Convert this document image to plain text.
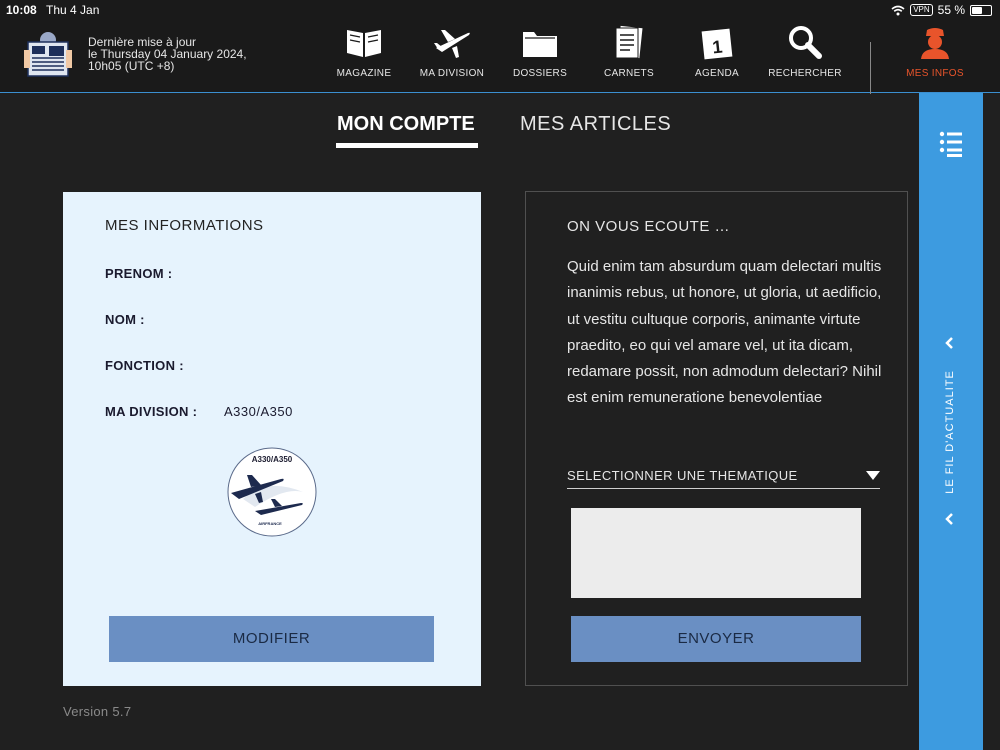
10:08 Thu 4 Jan	VPN 55 %
Dernière mise à jour
le Thursday 04 January 2024,
10h05 (UTC +8)
MAGAZINE	MA DIVISION	DOSSIERS	CARNETS
1
AGENDA	RECHERCHER	MES INFOS
MON COMPTE MES ARTICLES
MES INFORMATIONS
PRENOM :
NOM :
FONCTION :
MA DIVISION : A330/A350
A330/A350
AIRFRANCE
MODIFIER
ON VOUS ECOUTE …
Quid enim tam absurdum quam delectari multis inanimis rebus, ut honore, ut gloria, ut aedificio, ut vestitu cultuque corporis, animante virtute praedito, eo qui vel amare vel, ut ita dicam, redamare possit, non admodum delectari? Nihil est enim remuneratione benevolentiae
SELECTIONNER UNE THEMATIQUE
ENVOYER
Version 5.7
LE FIL D'ACTUALITE
